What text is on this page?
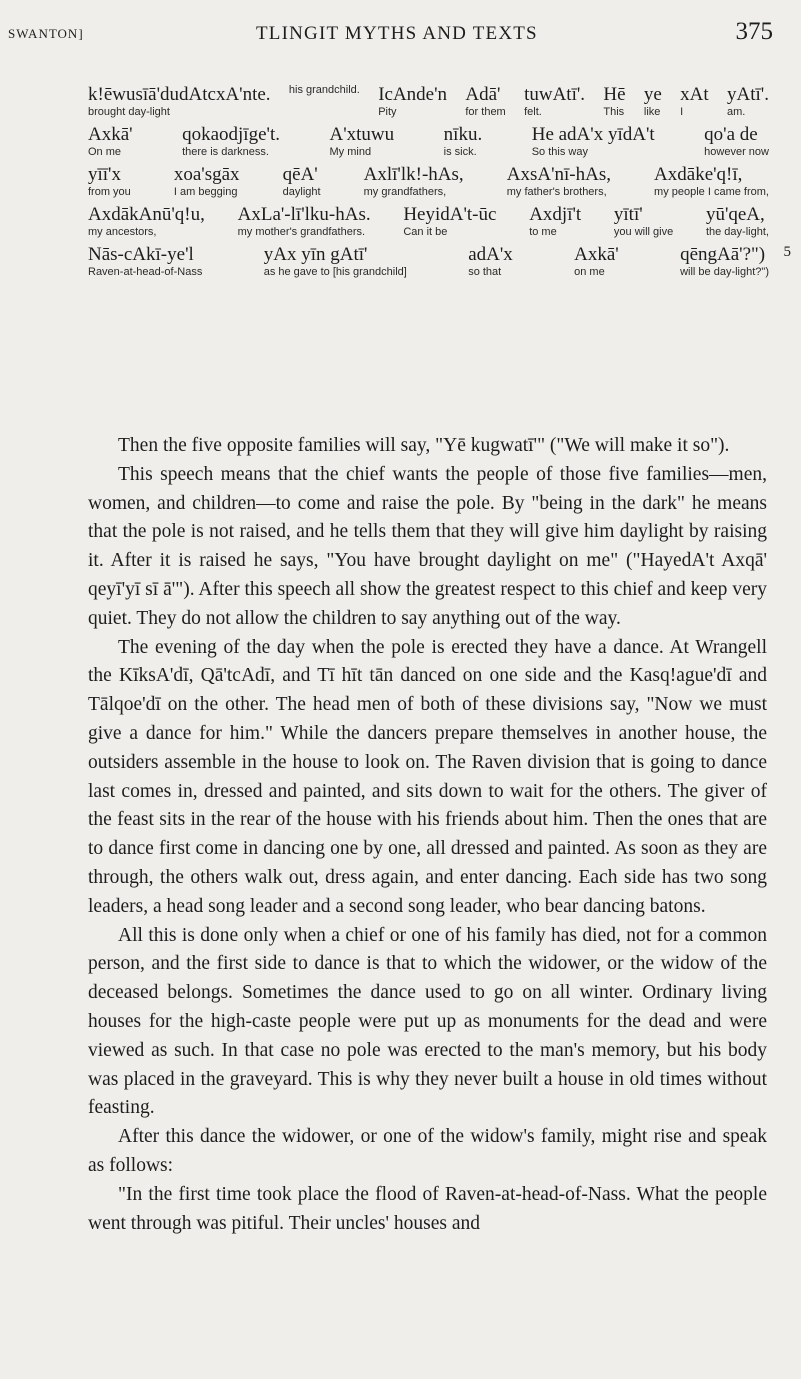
SWANTON]	TLINGIT MYTHS AND TEXTS	375
k!ēwusīā'dudAtcxA'nte.
brought day-light
his grandchild. IcAnde'n
Pity
Adā'
for them
tuwAtī'.
felt.
Hē
This
ye
like
xAt
I
yAtī'.
am.
Axkā'
On me
qokaodjīge't.
there is darkness.
A'xtuwu
My mind
nīku.
is sick.
He adA'x yīdA't
So this way
qo'a de
however now
yīī'x
from you
xoa'sgāx
I am begging
qēA'
daylight
Axlī'lk!-hAs,
my grandfathers,
AxsA'nī-hAs,
my father's brothers,
Axdāke'q!ī,
my people I came from,
AxdākAnū'q!u,
my ancestors,
AxLa'-lī'lku-hAs.
my mother's grandfathers.
HeyidA't-ūc
Can it be
Axdjī't
to me
yītī'
you will give
yū'qeA,
the day-light,
Nās-cAkī-ye'l
Raven-at-head-of-Nass
yAx yīn gAtī'
as he gave to [his grandchild]
adA'x
so that
Axkā'
on me
qēngAā'?")
will be day-light?")
5

Then the five opposite families will say, "Yē kugwatī'" ("We will make it so").

This speech means that the chief wants the people of those five families—men, women, and children—to come and raise the pole. By "being in the dark" he means that the pole is not raised, and he tells them that they will give him daylight by raising it. After it is raised he says, "You have brought daylight on me" ("HayedA't Axqā' qeyī'yī sī ā'"). After this speech all show the greatest respect to this chief and keep very quiet. They do not allow the children to say anything out of the way.

The evening of the day when the pole is erected they have a dance. At Wrangell the KīksA'dī, Qā'tcAdī, and Tī hīt tān danced on one side and the Kasq!ague'dī and Tālqoe'dī on the other. The head men of both of these divisions say, "Now we must give a dance for him." While the dancers prepare themselves in another house, the outsiders assemble in the house to look on. The Raven division that is going to dance last comes in, dressed and painted, and sits down to wait for the others. The giver of the feast sits in the rear of the house with his friends about him. Then the ones that are to dance first come in dancing one by one, all dressed and painted. As soon as they are through, the others walk out, dress again, and enter dancing. Each side has two song leaders, a head song leader and a second song leader, who bear dancing batons.

All this is done only when a chief or one of his family has died, not for a common person, and the first side to dance is that to which the widower, or the widow of the deceased belongs. Sometimes the dance used to go on all winter. Ordinary living houses for the high-caste people were put up as monuments for the dead and were viewed as such. In that case no pole was erected to the man's memory, but his body was placed in the graveyard. This is why they never built a house in old times without feasting.

After this dance the widower, or one of the widow's family, might rise and speak as follows:

"In the first time took place the flood of Raven-at-head-of-Nass. What the people went through was pitiful. Their uncles' houses and
